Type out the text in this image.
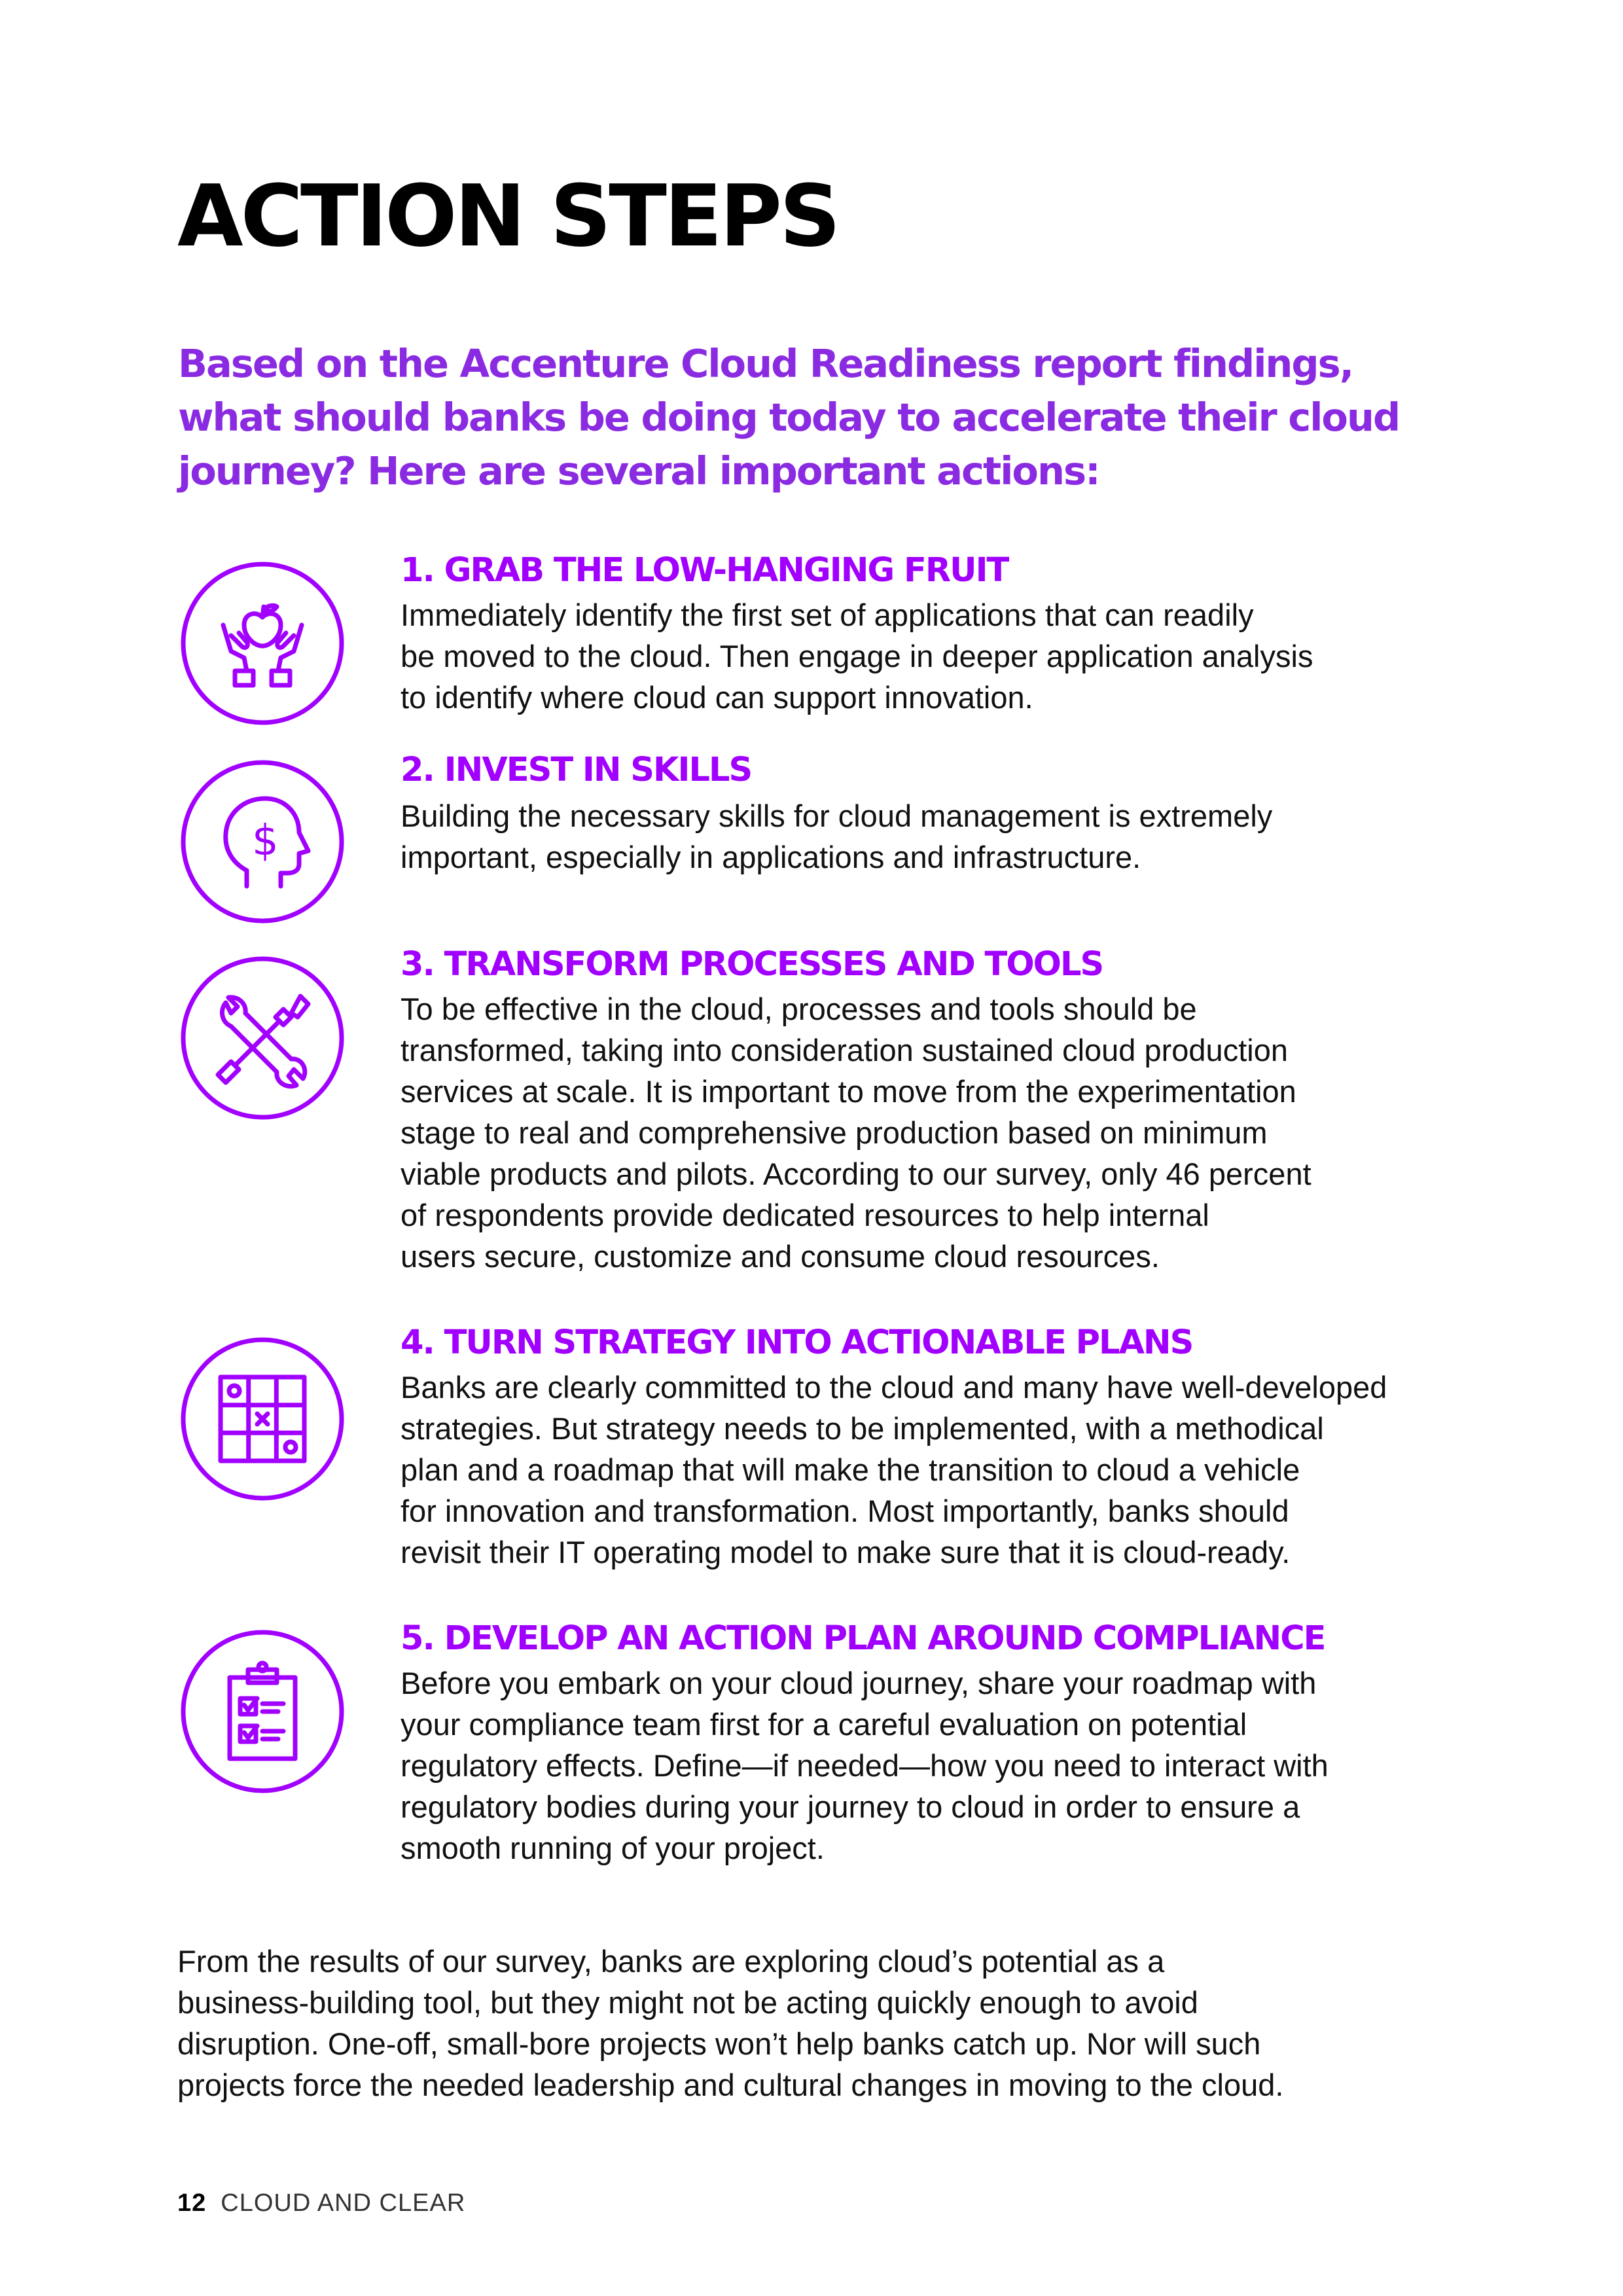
ACTION STEPS

Based on the Accenture Cloud Readiness report findings,
what should banks be doing today to accelerate their cloud
journey? Here are several important actions:

1. GRAB THE LOW-HANGING FRUIT

Immediately identify the first set of applications that can readily
be moved to the cloud. Then engage in deeper application analysis
to identify where cloud can support innovation.

$

2. INVEST IN SKILLS

Building the necessary skills for cloud management is extremely
important, especially in applications and infrastructure.

3. TRANSFORM PROCESSES AND TOOLS

To be effective in the cloud, processes and tools should be
transformed, taking into consideration sustained cloud production
services at scale. It is important to move from the experimentation
stage to real and comprehensive production based on minimum
viable products and pilots. According to our survey, only 46 percent
of respondents provide dedicated resources to help internal
users secure, customize and consume cloud resources.

4. TURN STRATEGY INTO ACTIONABLE PLANS

Banks are clearly committed to the cloud and many have well-developed
strategies. But strategy needs to be implemented, with a methodical
plan and a roadmap that will make the transition to cloud a vehicle
for innovation and transformation. Most importantly, banks should
revisit their IT operating model to make sure that it is cloud-ready.

5. DEVELOP AN ACTION PLAN AROUND COMPLIANCE

Before you embark on your cloud journey, share your roadmap with
your compliance team first for a careful evaluation on potential
regulatory effects. Define—if needed—how you need to interact with
regulatory bodies during your journey to cloud in order to ensure a
smooth running of your project.

From the results of our survey, banks are exploring cloud’s potential as a
business-building tool, but they might not be acting quickly enough to avoid
disruption. One-off, small-bore projects won’t help banks catch up. Nor will such
projects force the needed leadership and cultural changes in moving to the cloud.

12 CLOUD AND CLEAR
